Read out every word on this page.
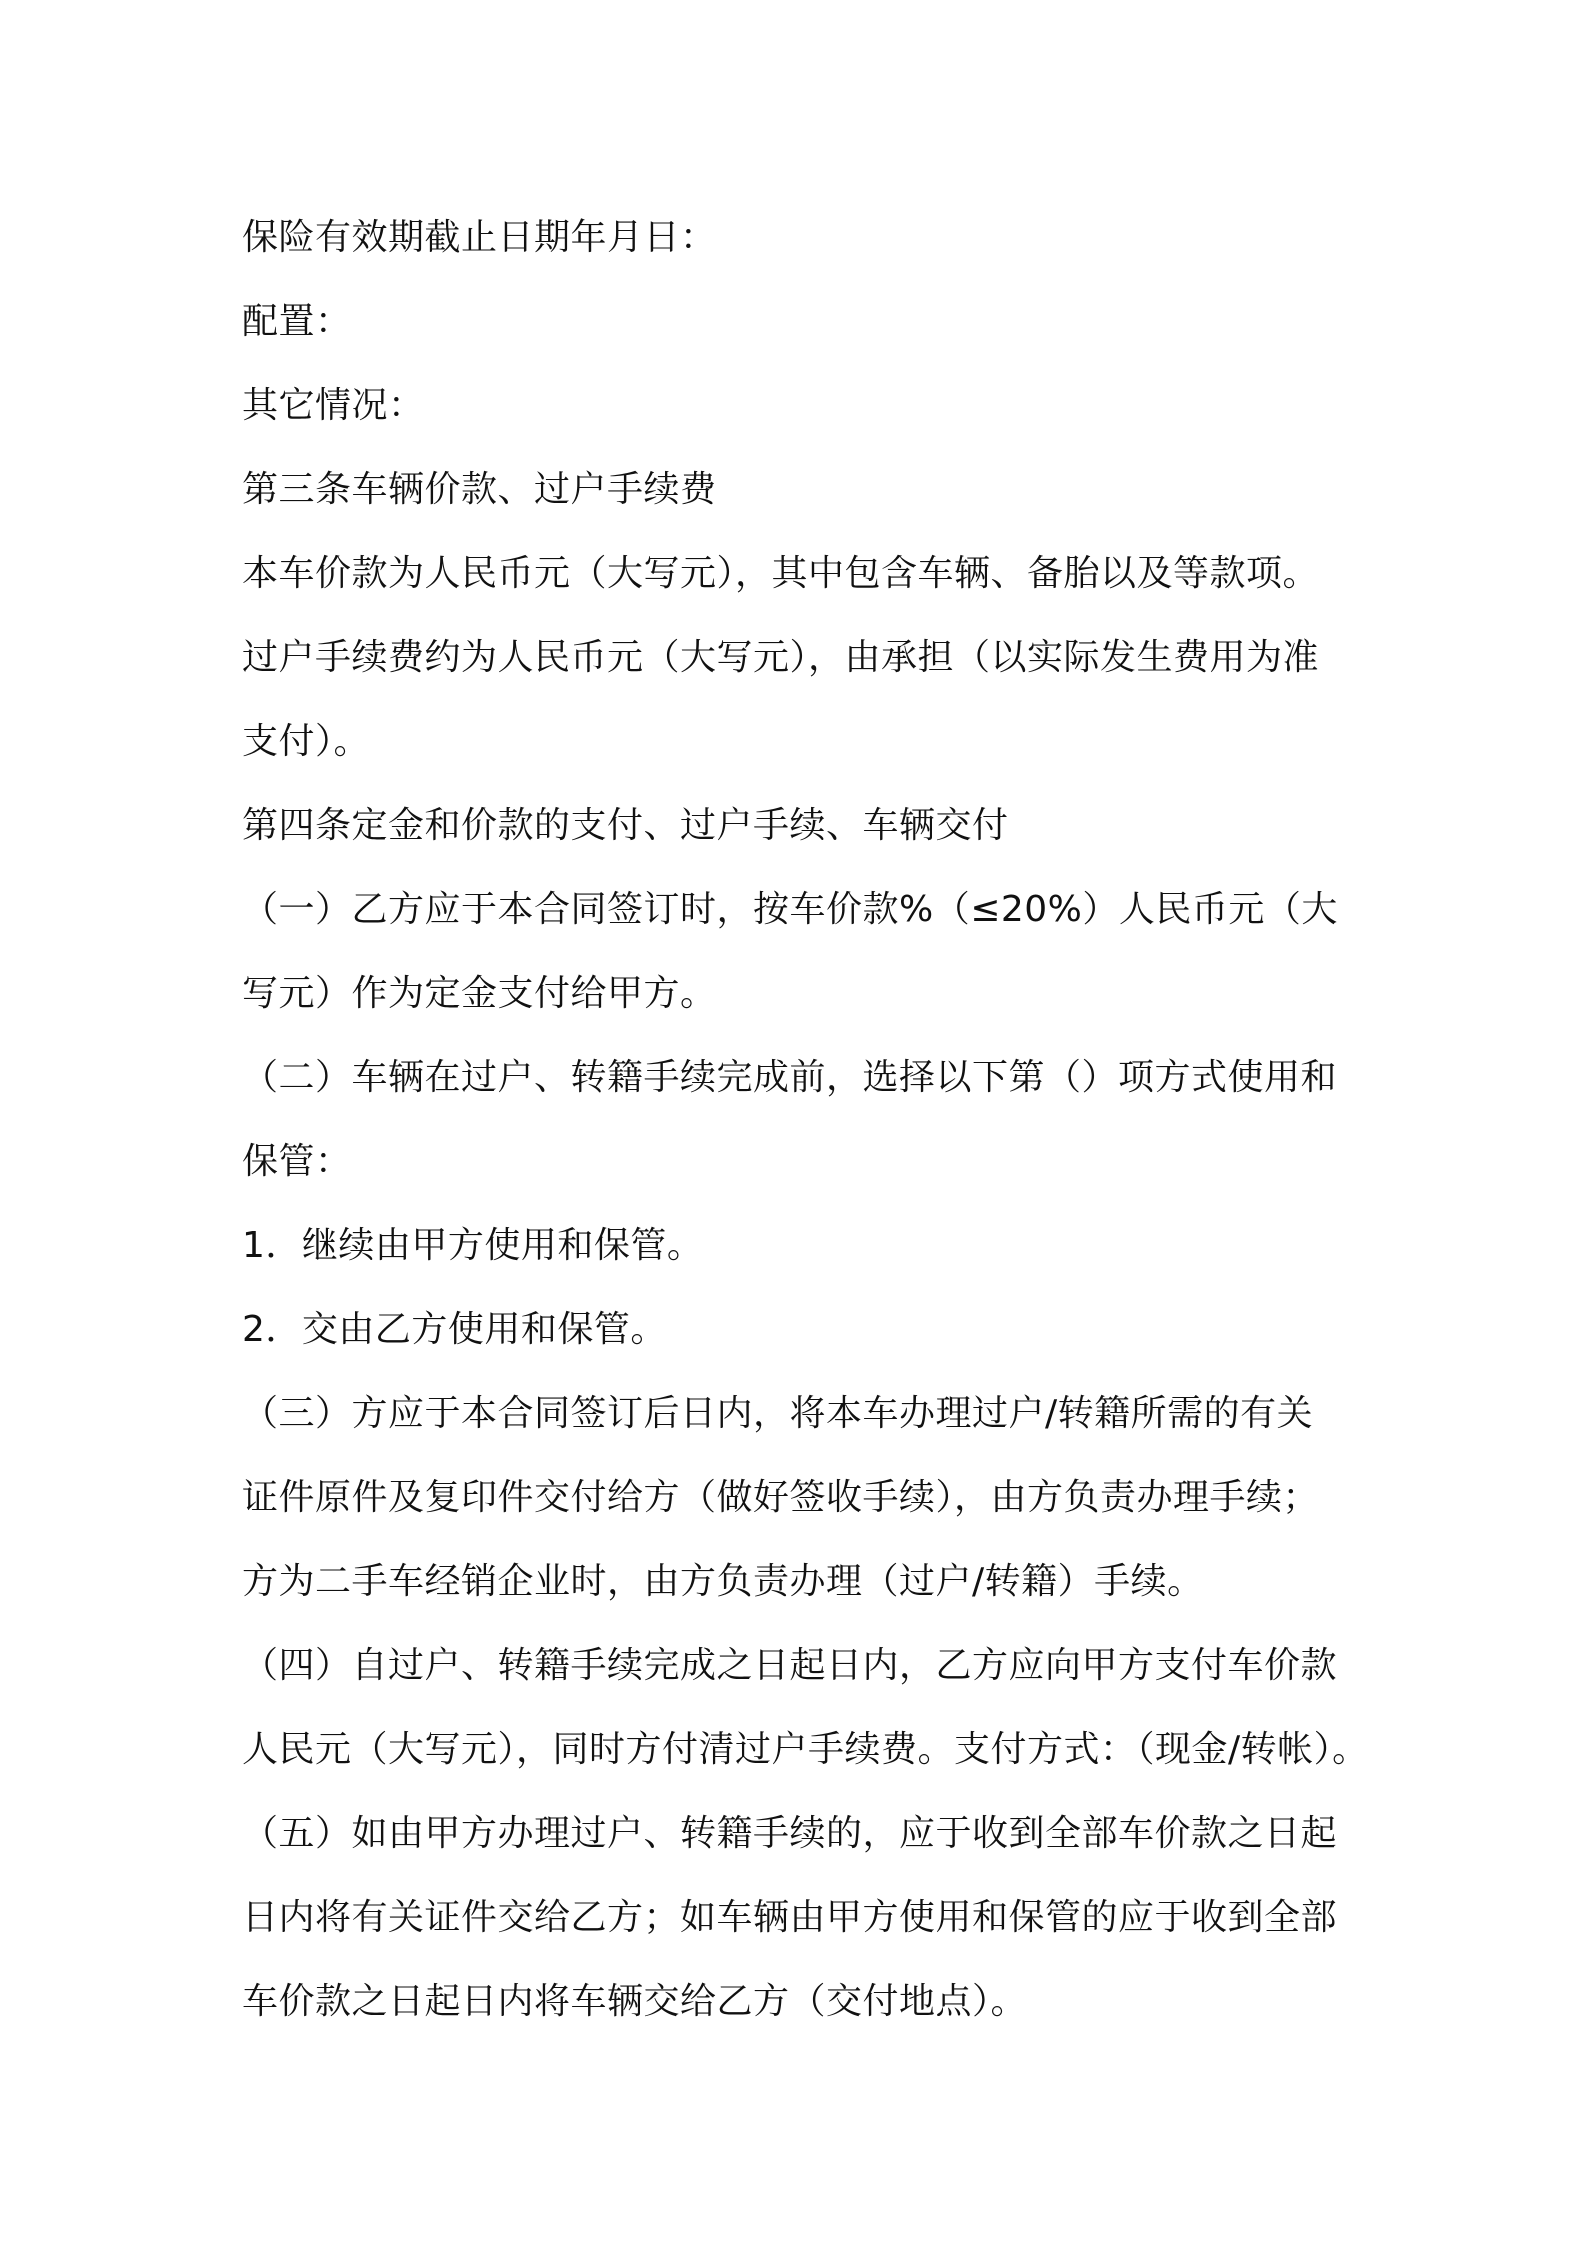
保险有效期截止日期年月日：
配置：
其它情况：
第三条车辆价款、过户手续费
本车价款为人民币元（大写元），其中包含车辆、备胎以及等款项。
过户手续费约为人民币元（大写元），由承担（以实际发生费用为准
支付）。
第四条定金和价款的支付、过户手续、车辆交付
（一）乙方应于本合同签订时，按车价款%（≤20%）人民币元（大
写元）作为定金支付给甲方。
（二）车辆在过户、转籍手续完成前，选择以下第（）项方式使用和
保管：
1．继续由甲方使用和保管。
2．交由乙方使用和保管。
（三）方应于本合同签订后日内，将本车办理过户/转籍所需的有关
证件原件及复印件交付给方（做好签收手续），由方负责办理手续；
方为二手车经销企业时，由方负责办理（过户/转籍）手续。
（四）自过户、转籍手续完成之日起日内，乙方应向甲方支付车价款
人民元（大写元），同时方付清过户手续费。支付方式：（现金/转帐）。
（五）如由甲方办理过户、转籍手续的，应于收到全部车价款之日起
日内将有关证件交给乙方；如车辆由甲方使用和保管的应于收到全部
车价款之日起日内将车辆交给乙方（交付地点）。
